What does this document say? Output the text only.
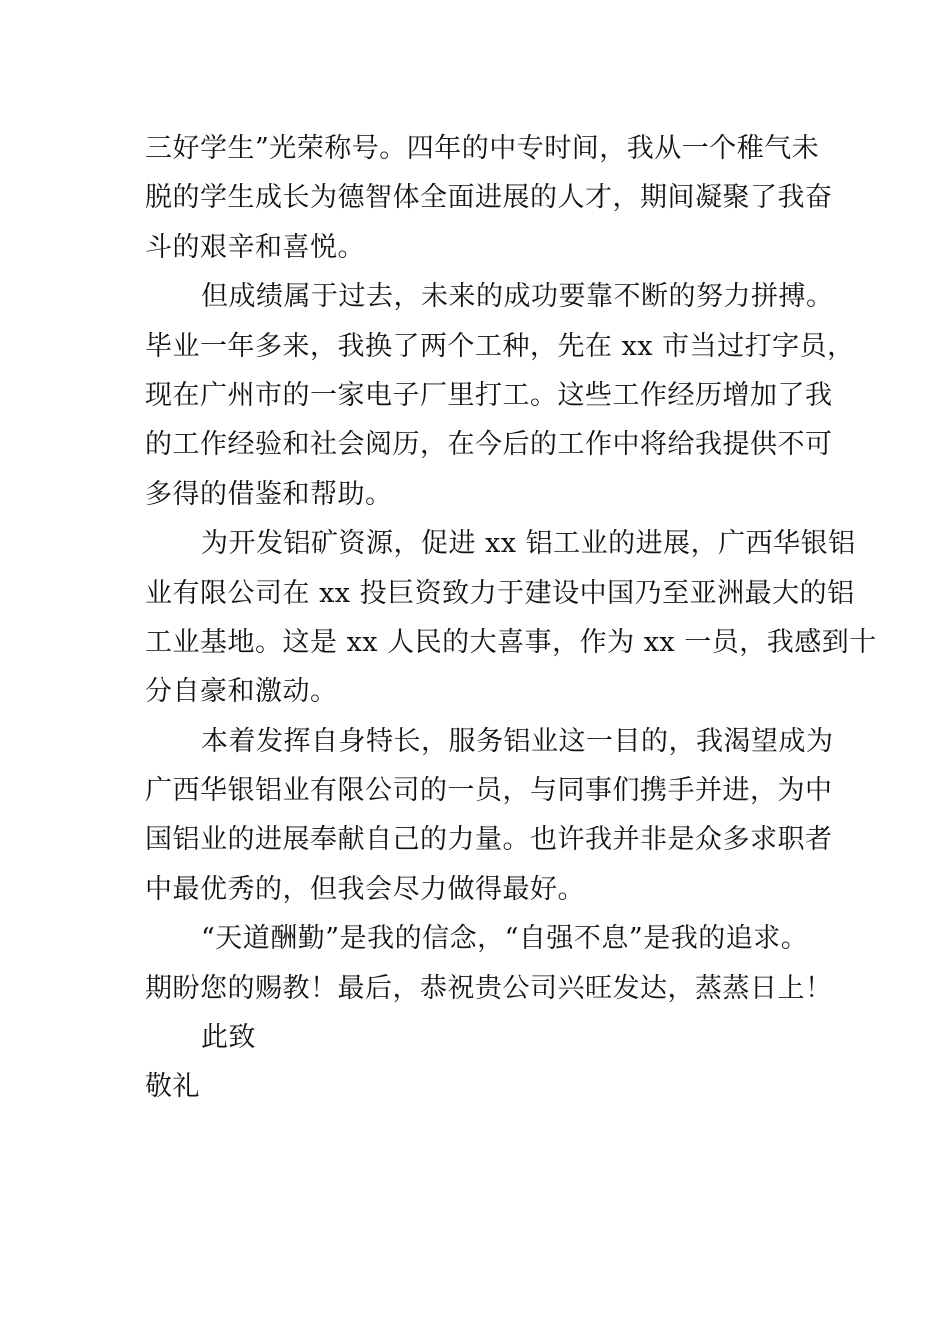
三好学生”光荣称号。四年的中专时间，我从一个稚气未
脱的学生成长为德智体全面进展的人才，期间凝聚了我奋
斗的艰辛和喜悦。
但成绩属于过去，未来的成功要靠不断的努力拼搏。
毕业一年多来，我换了两个工种，先在 xx 市当过打字员，
现在广州市的一家电子厂里打工。这些工作经历增加了我
的工作经验和社会阅历，在今后的工作中将给我提供不可
多得的借鉴和帮助。
为开发铝矿资源，促进 xx 铝工业的进展，广西华银铝
业有限公司在 xx 投巨资致力于建设中国乃至亚洲最大的铝
工业基地。这是 xx 人民的大喜事，作为 xx 一员，我感到十
分自豪和激动。
本着发挥自身特长，服务铝业这一目的，我渴望成为
广西华银铝业有限公司的一员，与同事们携手并进，为中
国铝业的进展奉献自己的力量。也许我并非是众多求职者
中最优秀的，但我会尽力做得最好。
“天道酬勤”是我的信念，“自强不息”是我的追求。
期盼您的赐教！最后，恭祝贵公司兴旺发达，蒸蒸日上！
此致
敬礼
